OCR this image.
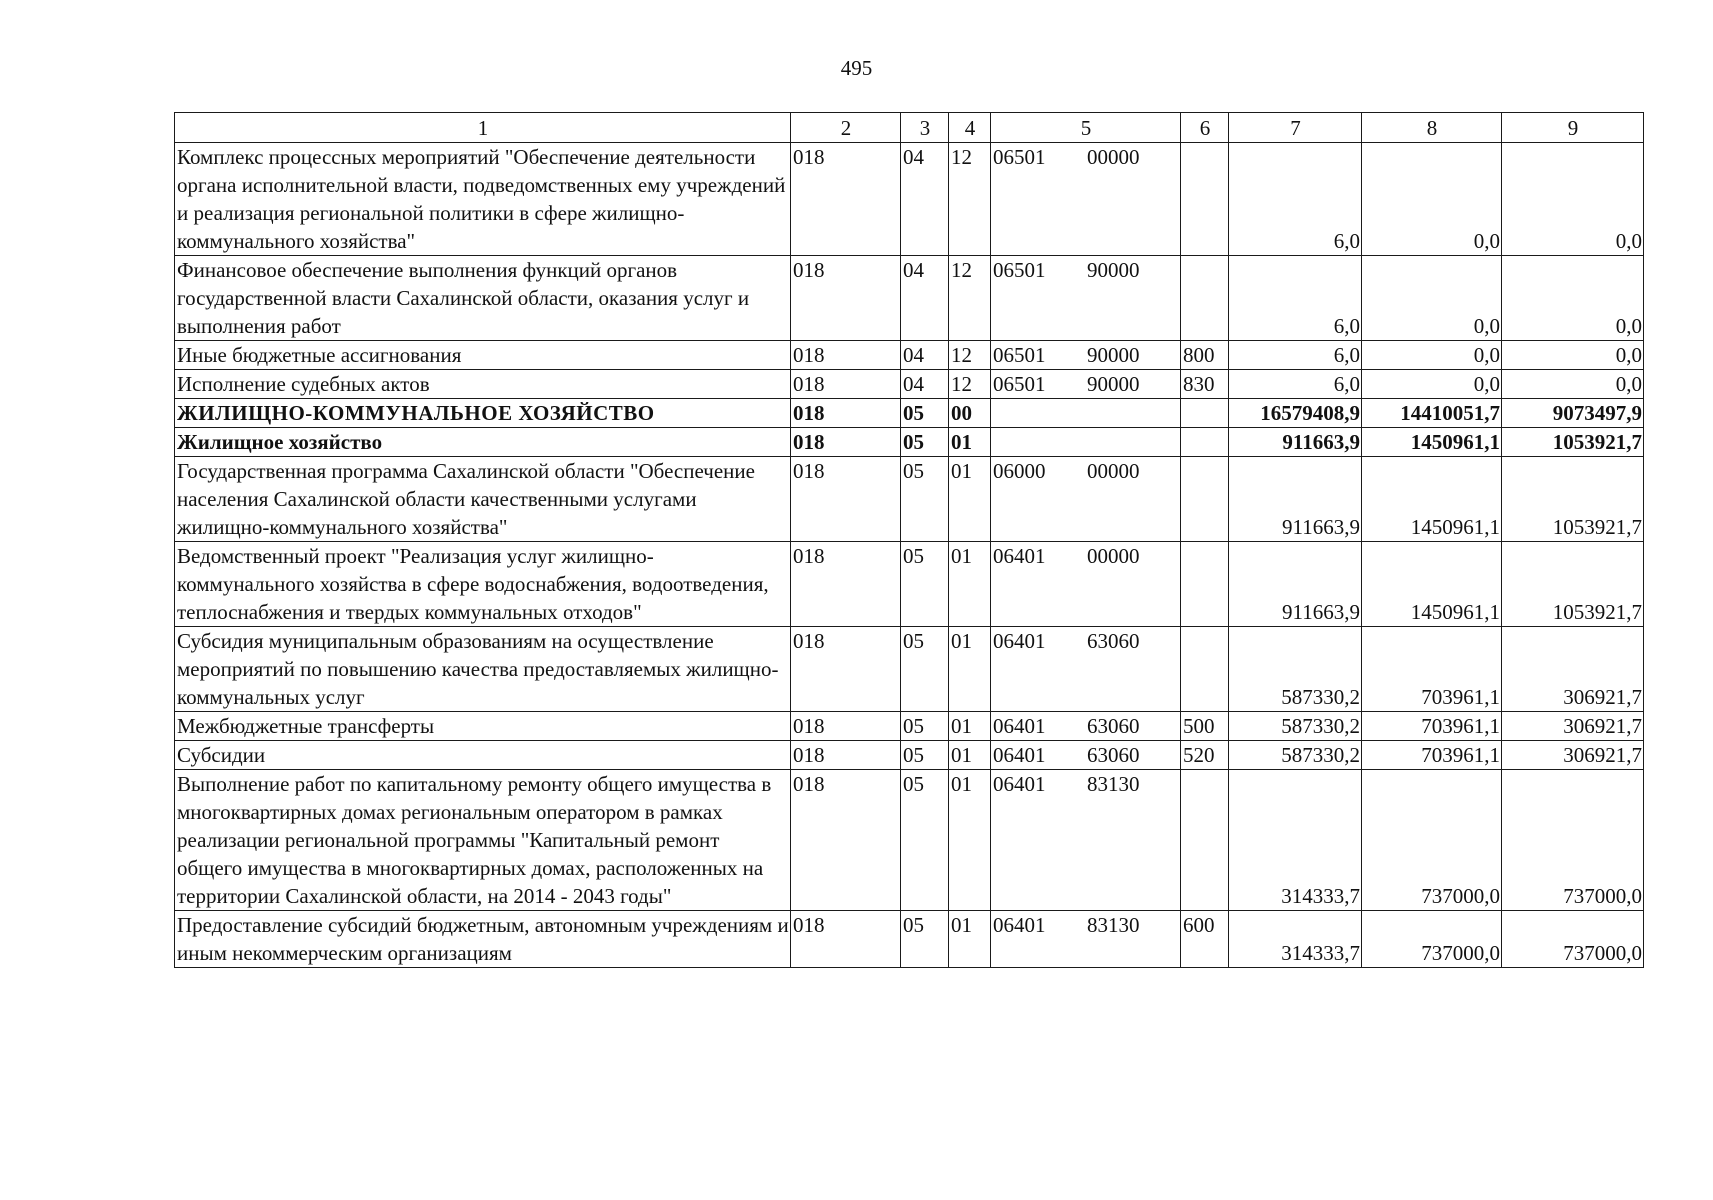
495
1	2	3	4	5	6	7	8	9
Комплекс процессных мероприятий "Обеспечение деятельности органа исполнительной власти, подведомственных ему учреждений и реализация региональной политики в сфере жилищно-коммунального хозяйства"	018	04	12	06501 00000		6,0	0,0	0,0
Финансовое обеспечение выполнения функций органов государственной власти Сахалинской области, оказания услуг и выполнения работ	018	04	12	06501 90000		6,0	0,0	0,0
Иные бюджетные ассигнования	018	04	12	06501 90000	800	6,0	0,0	0,0
Исполнение судебных актов	018	04	12	06501 90000	830	6,0	0,0	0,0
ЖИЛИЩНО-КОММУНАЛЬНОЕ ХОЗЯЙСТВО	018	05	00			16579408,9	14410051,7	9073497,9
Жилищное хозяйство	018	05	01			911663,9	1450961,1	1053921,7
Государственная программа Сахалинской области "Обеспечение населения Сахалинской области качественными услугами жилищно-коммунального хозяйства"	018	05	01	06000 00000		911663,9	1450961,1	1053921,7
Ведомственный проект "Реализация услуг жилищно-коммунального хозяйства в сфере водоснабжения, водоотведения, теплоснабжения и твердых коммунальных отходов"	018	05	01	06401 00000		911663,9	1450961,1	1053921,7
Субсидия муниципальным образованиям на осуществление мероприятий по повышению качества предоставляемых жилищно-коммунальных услуг	018	05	01	06401 63060		587330,2	703961,1	306921,7
Межбюджетные трансферты	018	05	01	06401 63060	500	587330,2	703961,1	306921,7
Субсидии	018	05	01	06401 63060	520	587330,2	703961,1	306921,7
Выполнение работ по капитальному ремонту общего имущества в многоквартирных домах региональным оператором в рамках реализации региональной программы "Капитальный ремонт общего имущества в многоквартирных домах, расположенных на территории Сахалинской области, на 2014 - 2043 годы"	018	05	01	06401 83130		314333,7	737000,0	737000,0
Предоставление субсидий бюджетным, автономным учреждениям и иным некоммерческим организациям	018	05	01	06401 83130	600	314333,7	737000,0	737000,0
